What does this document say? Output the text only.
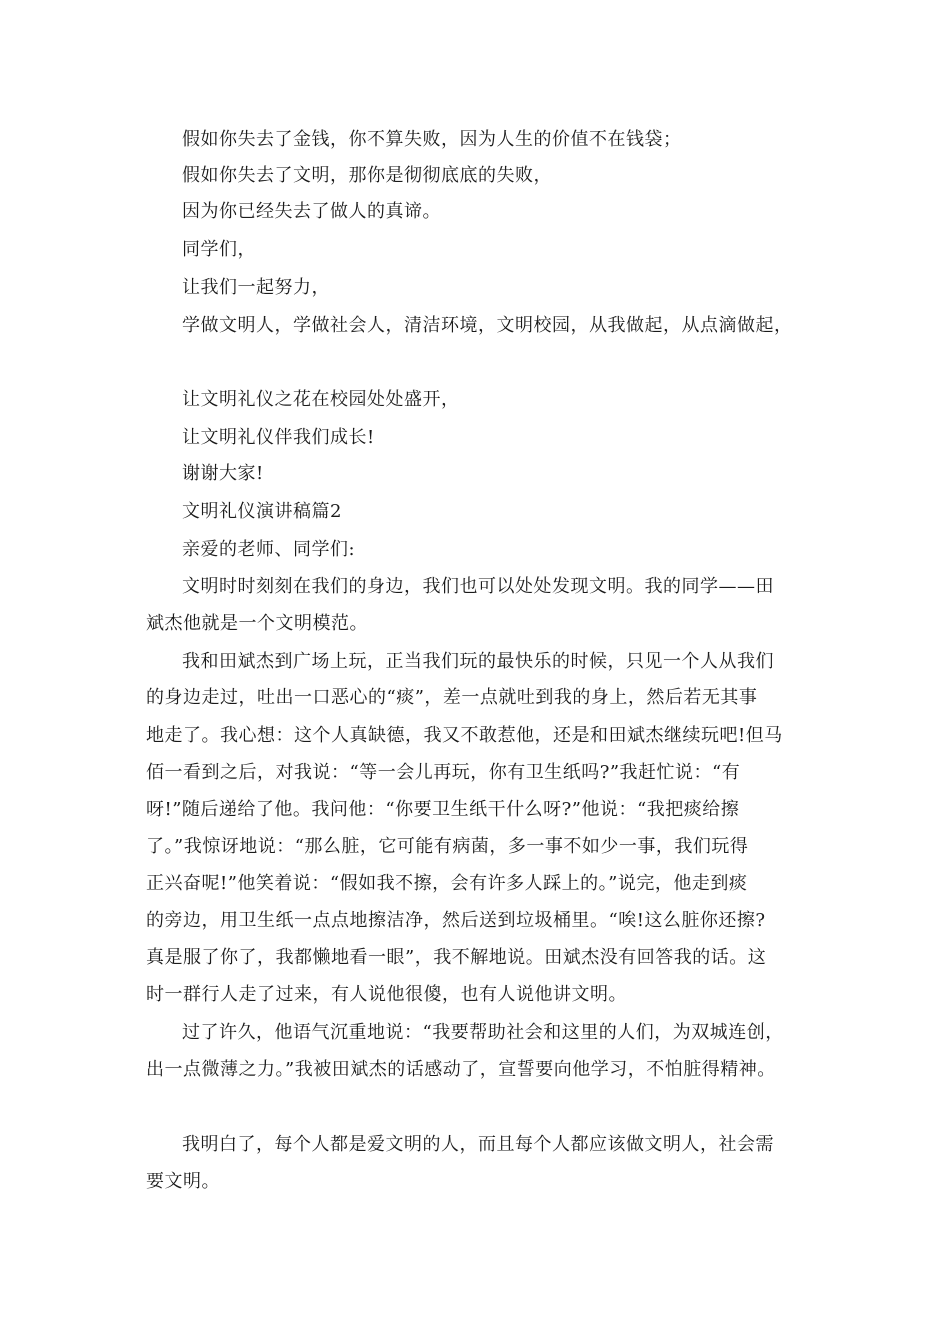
假如你失去了金钱，你不算失败，因为人生的价值不在钱袋；
假如你失去了文明，那你是彻彻底底的失败，
因为你已经失去了做人的真谛。
同学们，
让我们一起努力，
学做文明人，学做社会人，清洁环境，文明校园，从我做起，从点滴做起，
让文明礼仪之花在校园处处盛开，
让文明礼仪伴我们成长!
谢谢大家!
文明礼仪演讲稿篇2
亲爱的老师、同学们:
文明时时刻刻在我们的身边，我们也可以处处发现文明。我的同学——田
斌杰他就是一个文明模范。
我和田斌杰到广场上玩，正当我们玩的最快乐的时候，只见一个人从我们
的身边走过，吐出一口恶心的“痰”，差一点就吐到我的身上，然后若无其事
地走了。我心想：这个人真缺德，我又不敢惹他，还是和田斌杰继续玩吧!但马
佰一看到之后，对我说：“等一会儿再玩，你有卫生纸吗?”我赶忙说：“有
呀!”随后递给了他。我问他：“你要卫生纸干什么呀?”他说：“我把痰给擦
了。”我惊讶地说：“那么脏，它可能有病菌，多一事不如少一事，我们玩得
正兴奋呢!”他笑着说：“假如我不擦，会有许多人踩上的。”说完，他走到痰
的旁边，用卫生纸一点点地擦洁净，然后送到垃圾桶里。“唉!这么脏你还擦?
真是服了你了，我都懒地看一眼”，我不解地说。田斌杰没有回答我的话。这
时一群行人走了过来，有人说他很傻，也有人说他讲文明。
过了许久，他语气沉重地说：“我要帮助社会和这里的人们，为双城连创，
出一点微薄之力。”我被田斌杰的话感动了，宣誓要向他学习，不怕脏得精神。
我明白了，每个人都是爱文明的人，而且每个人都应该做文明人，社会需
要文明。
